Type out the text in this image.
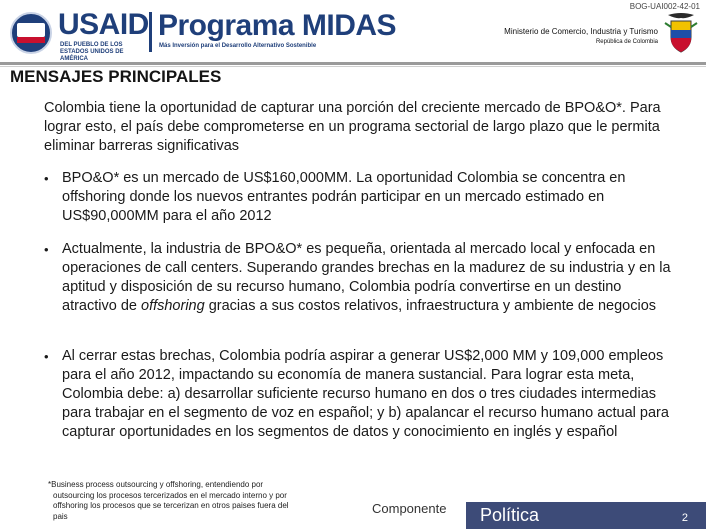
BOG-UAI002-42-01
USAID
DEL PUEBLO DE LOS ESTADOS UNIDOS DE AMÉRICA
Programa MIDAS
Más Inversión para el Desarrollo Alternativo Sostenible
Ministerio de Comercio, Industria y Turismo
República de Colombia
MENSAJES PRINCIPALES
Colombia tiene la oportunidad de capturar una porción del creciente mercado de BPO&O*. Para lograr esto, el país debe comprometerse en un programa sectorial de largo plazo que le permita eliminar barreras significativas
• BPO&O* es un mercado de US$160,000MM. La oportunidad Colombia se concentra en offshoring donde los nuevos entrantes podrán participar en un mercado estimado en US$90,000MM para el año 2012
• Actualmente, la industria de BPO&O* es pequeña, orientada al mercado local y enfocada en operaciones de call centers. Superando grandes brechas en la madurez de su industria y en la aptitud y disposición de su recurso humano, Colombia podría convertirse en un destino atractivo de offshoring gracias a sus costos relativos, infraestructura y ambiente de negocios
• Al cerrar estas brechas, Colombia podría aspirar a generar US$2,000 MM y 109,000 empleos para el año 2012, impactando su economía de manera sustancial. Para lograr esta meta, Colombia debe: a) desarrollar suficiente recurso humano en dos o tres ciudades intermedias para trabajar en el segmento de voz en español; y b) apalancar el recurso humano actual para capturar oportunidades en los segmentos de datos y conocimiento en inglés y español
*Business process outsourcing y offshoring, entendiendo por
outsourcing los procesos tercerizados en el mercado interno y por
offshoring los procesos que se tercerizan en otros paises fuera del
pais	Componente Política	2
